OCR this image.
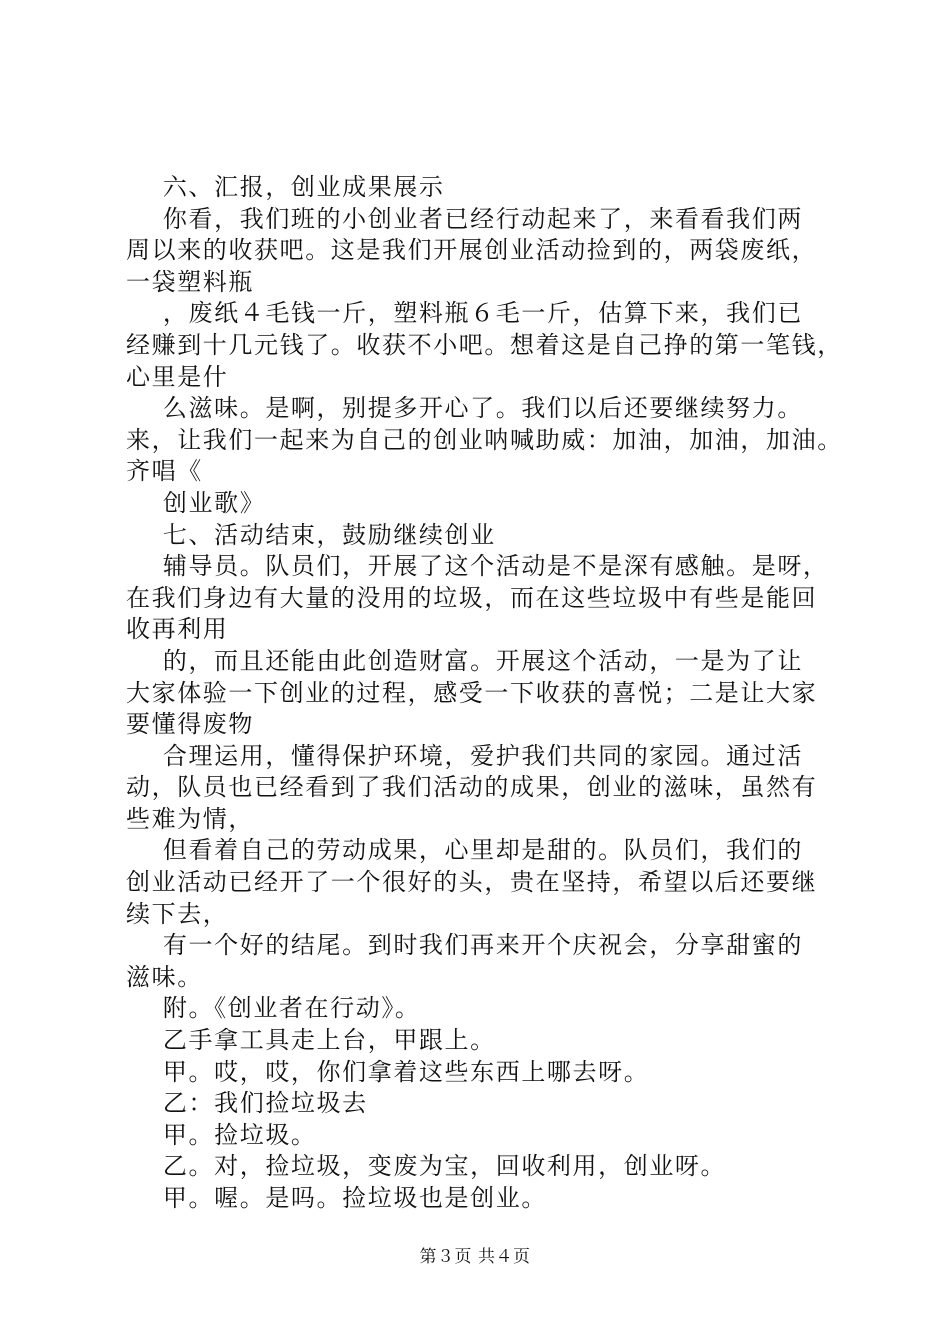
六、汇报，创业成果展示
你看，我们班的小创业者已经行动起来了，来看看我们两
周以来的收获吧。这是我们开展创业活动捡到的，两袋废纸，
一袋塑料瓶
，废纸４毛钱一斤，塑料瓶６毛一斤，估算下来，我们已
经赚到十几元钱了。收获不小吧。想着这是自己挣的第一笔钱，
心里是什
么滋味。是啊，别提多开心了。我们以后还要继续努力。
来，让我们一起来为自己的创业呐喊助威：加油，加油，加油。
齐唱《
创业歌》
七、活动结束，鼓励继续创业
辅导员。队员们，开展了这个活动是不是深有感触。是呀，
在我们身边有大量的没用的垃圾，而在这些垃圾中有些是能回
收再利用
的，而且还能由此创造财富。开展这个活动，一是为了让
大家体验一下创业的过程，感受一下收获的喜悦；二是让大家
要懂得废物
合理运用，懂得保护环境，爱护我们共同的家园。通过活
动，队员也已经看到了我们活动的成果，创业的滋味，虽然有
些难为情，
但看着自己的劳动成果，心里却是甜的。队员们，我们的
创业活动已经开了一个很好的头，贵在坚持，希望以后还要继
续下去，
有一个好的结尾。到时我们再来开个庆祝会，分享甜蜜的
滋味。
附。《创业者在行动》。
乙手拿工具走上台，甲跟上。
甲。哎，哎，你们拿着这些东西上哪去呀。
乙：我们捡垃圾去
甲。捡垃圾。
乙。对，捡垃圾，变废为宝，回收利用，创业呀。
甲。喔。是吗。捡垃圾也是创业。
第３页 共４页
